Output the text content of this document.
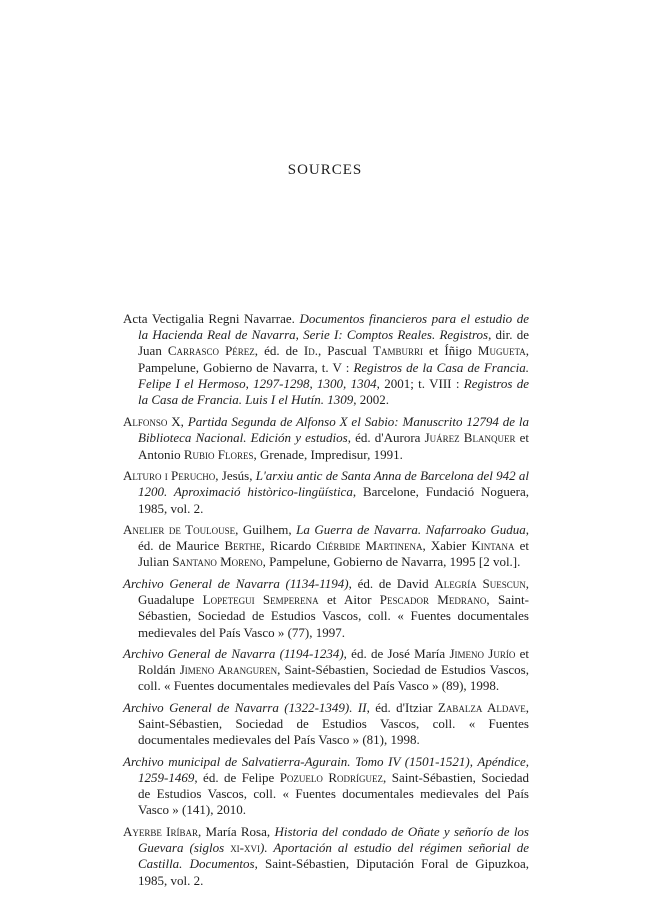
SOURCES

Acta Vectigalia Regni Navarrae. Documentos financieros para el estudio de la Hacienda Real de Navarra, Serie I: Comptos Reales. Registros, dir. de Juan Carrasco Pérez, éd. de Id., Pascual Tamburri et Íñigo Mugueta, Pampelune, Gobierno de Navarra, t. V : Registros de la Casa de Francia. Felipe I el Hermoso, 1297-1298, 1300, 1304, 2001; t. VIII : Registros de la Casa de Francia. Luis I el Hutín. 1309, 2002.

Alfonso X, Partida Segunda de Alfonso X el Sabio: Manuscrito 12794 de la Biblioteca Nacional. Edición y estudios, éd. d'Aurora Juárez Blanquer et Antonio Rubio Flores, Grenade, Impredisur, 1991.

Alturo i Perucho, Jesús, L'arxiu antic de Santa Anna de Barcelona del 942 al 1200. Aproximació històrico-lingüística, Barcelone, Fundació Noguera, 1985, vol. 2.

Anelier de Toulouse, Guilhem, La Guerra de Navarra. Nafarroako Gudua, éd. de Maurice Berthe, Ricardo Ciérbide Martinena, Xabier Kintana et Julian Santano Moreno, Pampelune, Gobierno de Navarra, 1995 [2 vol.].

Archivo General de Navarra (1134-1194), éd. de David Alegría Suescun, Guadalupe Lopetegui Semperena et Aitor Pescador Medrano, Saint-Sébastien, Sociedad de Estudios Vascos, coll. « Fuentes documentales medievales del País Vasco » (77), 1997.

Archivo General de Navarra (1194-1234), éd. de José María Jimeno Jurío et Roldán Jimeno Aranguren, Saint-Sébastien, Sociedad de Estudios Vascos, coll. « Fuentes documentales medievales del País Vasco » (89), 1998.

Archivo General de Navarra (1322-1349). II, éd. d'Itziar Zabalza Aldave, Saint-Sébastien, Sociedad de Estudios Vascos, coll. « Fuentes documentales medievales del País Vasco » (81), 1998.

Archivo municipal de Salvatierra-Agurain. Tomo IV (1501-1521), Apéndice, 1259-1469, éd. de Felipe Pozuelo Rodríguez, Saint-Sébastien, Sociedad de Estudios Vascos, coll. « Fuentes documentales medievales del País Vasco » (141), 2010.

Ayerbe Iríbar, María Rosa, Historia del condado de Oñate y señorío de los Guevara (siglos xi-xvi). Aportación al estudio del régimen señorial de Castilla. Documentos, Saint-Sébastien, Diputación Foral de Gipuzkoa, 1985, vol. 2.
